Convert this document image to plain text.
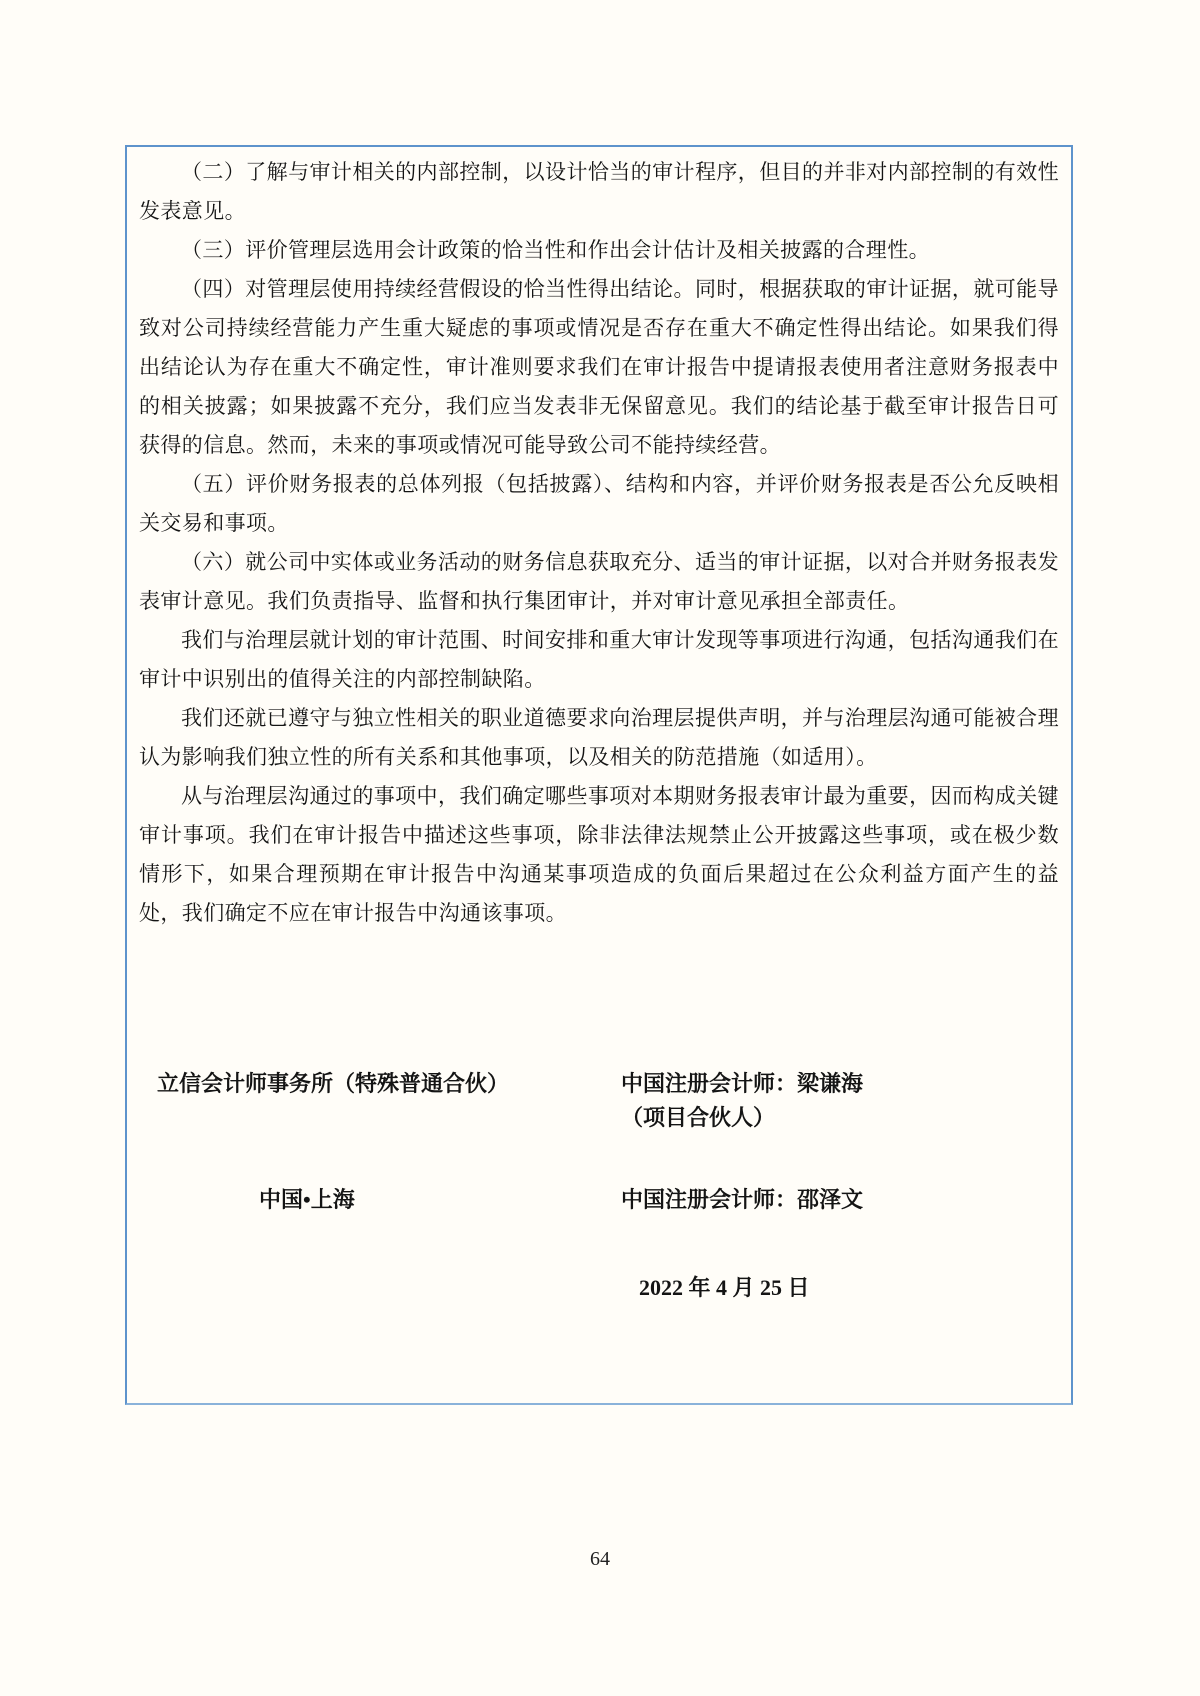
（二）了解与审计相关的内部控制，以设计恰当的审计程序，但目的并非对内部控制的有效性发表意见。

（三）评价管理层选用会计政策的恰当性和作出会计估计及相关披露的合理性。

（四）对管理层使用持续经营假设的恰当性得出结论。同时，根据获取的审计证据，就可能导致对公司持续经营能力产生重大疑虑的事项或情况是否存在重大不确定性得出结论。如果我们得出结论认为存在重大不确定性，审计准则要求我们在审计报告中提请报表使用者注意财务报表中的相关披露；如果披露不充分，我们应当发表非无保留意见。我们的结论基于截至审计报告日可获得的信息。然而，未来的事项或情况可能导致公司不能持续经营。

（五）评价财务报表的总体列报（包括披露）、结构和内容，并评价财务报表是否公允反映相关交易和事项。

（六）就公司中实体或业务活动的财务信息获取充分、适当的审计证据，以对合并财务报表发表审计意见。我们负责指导、监督和执行集团审计，并对审计意见承担全部责任。

我们与治理层就计划的审计范围、时间安排和重大审计发现等事项进行沟通，包括沟通我们在审计中识别出的值得关注的内部控制缺陷。

我们还就已遵守与独立性相关的职业道德要求向治理层提供声明，并与治理层沟通可能被合理认为影响我们独立性的所有关系和其他事项，以及相关的防范措施（如适用）。

从与治理层沟通过的事项中，我们确定哪些事项对本期财务报表审计最为重要，因而构成关键审计事项。我们在审计报告中描述这些事项，除非法律法规禁止公开披露这些事项，或在极少数情形下，如果合理预期在审计报告中沟通某事项造成的负面后果超过在公众利益方面产生的益处，我们确定不应在审计报告中沟通该事项。

立信会计师事务所（特殊普通合伙）	中国注册会计师：梁谦海
（项目合伙人）
中国•上海	中国注册会计师：邵泽文
2022 年 4 月 25 日
64
